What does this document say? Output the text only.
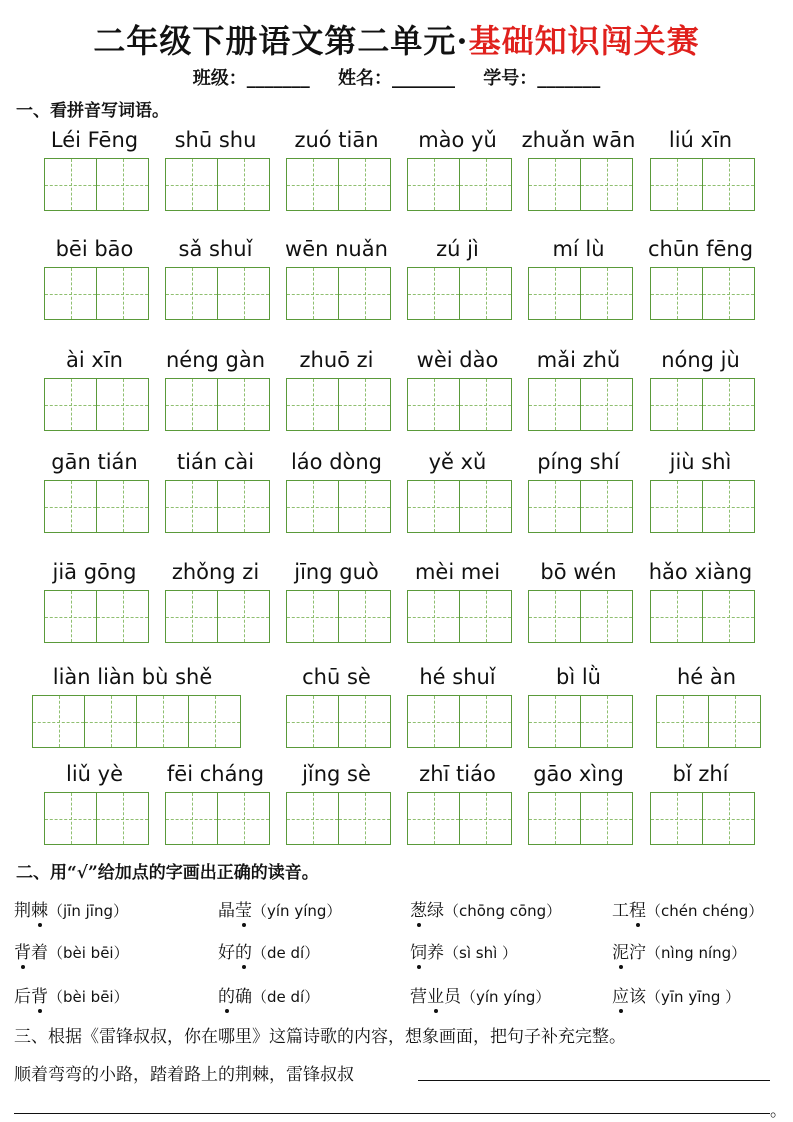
二年级下册语文第二单元·基础知识闯关赛
班级：_______ 姓名：_______ 学号：_______
一、看拼音写词语。
Léi Fēng	shū shu	zuó tiān	mào yǔ	zhuǎn wān	liú xīn
bēi bāo	sǎ shuǐ	wēn nuǎn	zú jì	mí lù	chūn fēng
ài xīn	néng gàn	zhuō zi	wèi dào	mǎi zhǔ	nóng jù
gān tián	tián cài	láo dòng	yě xǔ	píng shí	jiù shì
jiā gōng	zhǒng zi	jīng guò	mèi mei	bō wén	hǎo xiàng
liàn liàn bù shě	chū sè	hé shuǐ	bì lǜ	hé àn
liǔ yè	fēi cháng	jǐng sè	zhī tiáo	gāo xìng	bǐ zhí
二、用“√”给加点的字画出正确的读音。
荆棘（jīn jīng）	晶莹（yín yíng）	葱绿（chōng cōng）	工程（chén chéng）
背着（bèi bēi）	好的（de dí）	饲养（sì shì ）	泥泞（nìng níng）
后背（bèi bēi）	的确（de dí）	营业员（yín yíng）	应该（yīn yīng ）
三、根据《雷锋叔叔，你在哪里》这篇诗歌的内容，想象画面，把句子补充完整。
顺着弯弯的小路，踏着路上的荆棘，雷锋叔叔
。
